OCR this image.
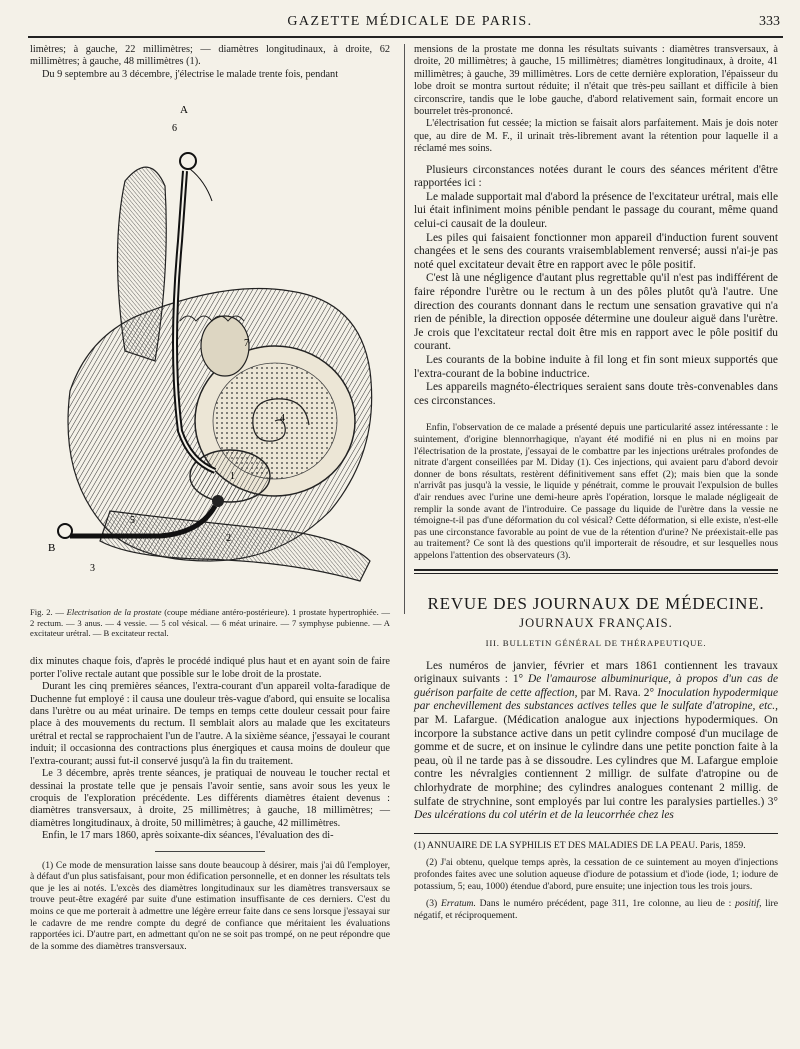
GAZETTE MÉDICALE DE PARIS.	333

limètres; à gauche, 22 millimètres; — diamètres longitudinaux, à droite, 62 millimètres; à gauche, 48 millimètres (1).

Du 9 septembre au 3 décembre, j'électrise le malade trente fois, pendant

A
6
7
4
1
5
2
3
B
Fig. 2. — Electrisation de la prostate (coupe médiane antéro-postérieure). 1 prostate hypertrophiée. — 2 rectum. — 3 anus. — 4 vessie. — 5 col vésical. — 6 méat urinaire. — 7 symphyse pubienne. — A excitateur urétral. — B excitateur rectal.

dix minutes chaque fois, d'après le procédé indiqué plus haut et en ayant soin de faire porter l'olive rectale autant que possible sur le lobe droit de la prostate.

Durant les cinq premières séances, l'extra-courant d'un appareil volta-faradique de Duchenne fut employé : il causa une douleur très-vague d'abord, qui ensuite se localisa dans l'urètre ou au méat urinaire. De temps en temps cette douleur cessait pour faire place à des mouvements du rectum. Il semblait alors au malade que les excitateurs urétral et rectal se rapprochaient l'un de l'autre. A la sixième séance, j'essayai le courant induit; il occasionna des contractions plus énergiques et causa moins de douleur que l'extra-courant; aussi fut-il conservé jusqu'à la fin du traitement.

Le 3 décembre, après trente séances, je pratiquai de nouveau le toucher rectal et dessinai la prostate telle que je pensais l'avoir sentie, sans avoir sous les yeux le croquis de l'exploration précédente. Les différents diamètres étaient devenus : diamètres transversaux, à droite, 25 millimètres; à gauche, 18 millimètres; — diamètres longitudinaux, à droite, 50 millimètres; à gauche, 42 millimètres.

Enfin, le 17 mars 1860, après soixante-dix séances, l'évaluation des di-

(1) Ce mode de mensuration laisse sans doute beaucoup à désirer, mais j'ai dû l'employer, à défaut d'un plus satisfaisant, pour mon édification personnelle, et en donner les résultats tels que je les ai notés. L'excès des diamètres longitudinaux sur les diamètres transversaux se trouve peut-être exagéré par suite d'une estimation insuffisante de ces derniers. C'est du moins ce que me porterait à admettre une légère erreur faite dans ce sens lorsque j'essayai sur le cadavre de me rendre compte du degré de confiance que méritaient les évaluations rapportées ici. D'autre part, en admettant qu'on ne se soit pas trompé, on ne peut répondre que de la somme des diamètres transversaux.

mensions de la prostate me donna les résultats suivants : diamètres transversaux, à droite, 20 millimètres; à gauche, 15 millimètres; diamètres longitudinaux, à droite, 41 millimètres; à gauche, 39 millimètres. Lors de cette dernière exploration, l'épaisseur du lobe droit se montra surtout réduite; il n'était que très-peu saillant et difficile à bien circonscrire, tandis que le lobe gauche, d'abord relativement sain, formait encore un bourrelet très-prononcé.

L'électrisation fut cessée; la miction se faisait alors parfaitement. Mais je dois noter que, au dire de M. F., il urinait très-librement avant la rétention pour laquelle il a réclamé mes soins.

Plusieurs circonstances notées durant le cours des séances méritent d'être rapportées ici :

Le malade supportait mal d'abord la présence de l'excitateur urétral, mais elle lui était infiniment moins pénible pendant le passage du courant, même quand celui-ci causait de la douleur.

Les piles qui faisaient fonctionner mon appareil d'induction furent souvent changées et le sens des courants vraisemblablement renversé; aussi n'ai-je pas noté quel excitateur devait être en rapport avec le pôle positif.

C'est là une négligence d'autant plus regrettable qu'il n'est pas indifférent de faire répondre l'urètre ou le rectum à un des pôles plutôt qu'à l'autre. Une direction des courants donnant dans le rectum une sensation gravative qui n'a rien de pénible, la direction opposée détermine une douleur aiguë dans l'urètre. Je crois que l'excitateur rectal doit être mis en rapport avec le pôle positif du courant.

Les courants de la bobine induite à fil long et fin sont mieux supportés que l'extra-courant de la bobine inductrice.

Les appareils magnéto-électriques seraient sans doute très-convenables dans ces circonstances.

Enfin, l'observation de ce malade a présenté depuis une particularité assez intéressante : le suintement, d'origine blennorrhagique, n'ayant été modifié ni en plus ni en moins par l'électrisation de la prostate, j'essayai de le combattre par les injections urétrales profondes de nitrate d'argent conseillées par M. Diday (1). Ces injections, qui avaient paru d'abord devoir donner de bons résultats, restèrent définitivement sans effet (2); mais bien que la sonde n'arrivât pas jusqu'à la vessie, le liquide y pénétrait, comme le prouvait l'expulsion de bulles d'air rendues avec l'urine une demi-heure après l'opération, lorsque le malade négligeait de remplir la sonde avant de l'introduire. Ce passage du liquide de l'urètre dans la vessie ne témoigne-t-il pas d'une déformation du col vésical? Cette déformation, si elle existe, n'est-elle pas une circonstance favorable au point de vue de la rétention d'urine? Ne préexistait-elle pas au traitement? Ce sont là des questions qu'il importerait de résoudre, et sur lesquelles nous appelons l'attention des observateurs (3).

REVUE DES JOURNAUX DE MÉDECINE.
JOURNAUX FRANÇAIS.
III. BULLETIN GÉNÉRAL DE THÉRAPEUTIQUE.

Les numéros de janvier, février et mars 1861 contiennent les travaux originaux suivants : 1° De l'amaurose albuminurique, à propos d'un cas de guérison parfaite de cette affection, par M. Rava. 2° Inoculation hypodermique par enchevillement des substances actives telles que le sulfate d'atropine, etc., par M. Lafargue. (Médication analogue aux injections hypodermiques. On incorpore la substance active dans un petit cylindre composé d'un mucilage de gomme et de sucre, et on insinue le cylindre dans une petite ponction faite à la peau, où il ne tarde pas à se dissoudre. Les cylindres que M. Lafargue emploie contre les névralgies contiennent 2 milligr. de sulfate d'atropine ou de chlorhydrate de morphine; des cylindres analogues contenant 2 millig. de sulfate de strychnine, sont employés par lui contre les paralysies partielles.) 3° Des ulcérations du col utérin et de la leucorrhée chez les

(1) ANNUAIRE DE LA SYPHILIS ET DES MALADIES DE LA PEAU. Paris, 1859.

(2) J'ai obtenu, quelque temps après, la cessation de ce suintement au moyen d'injections profondes faites avec une solution aqueuse d'iodure de potassium et d'iode (iode, 1; iodure de potassium, 5; eau, 1000) étendue d'abord, pure ensuite; une injection tous les trois jours.

(3) Erratum. Dans le numéro précédent, page 311, 1re colonne, au lieu de : positif, lire négatif, et réciproquement.
